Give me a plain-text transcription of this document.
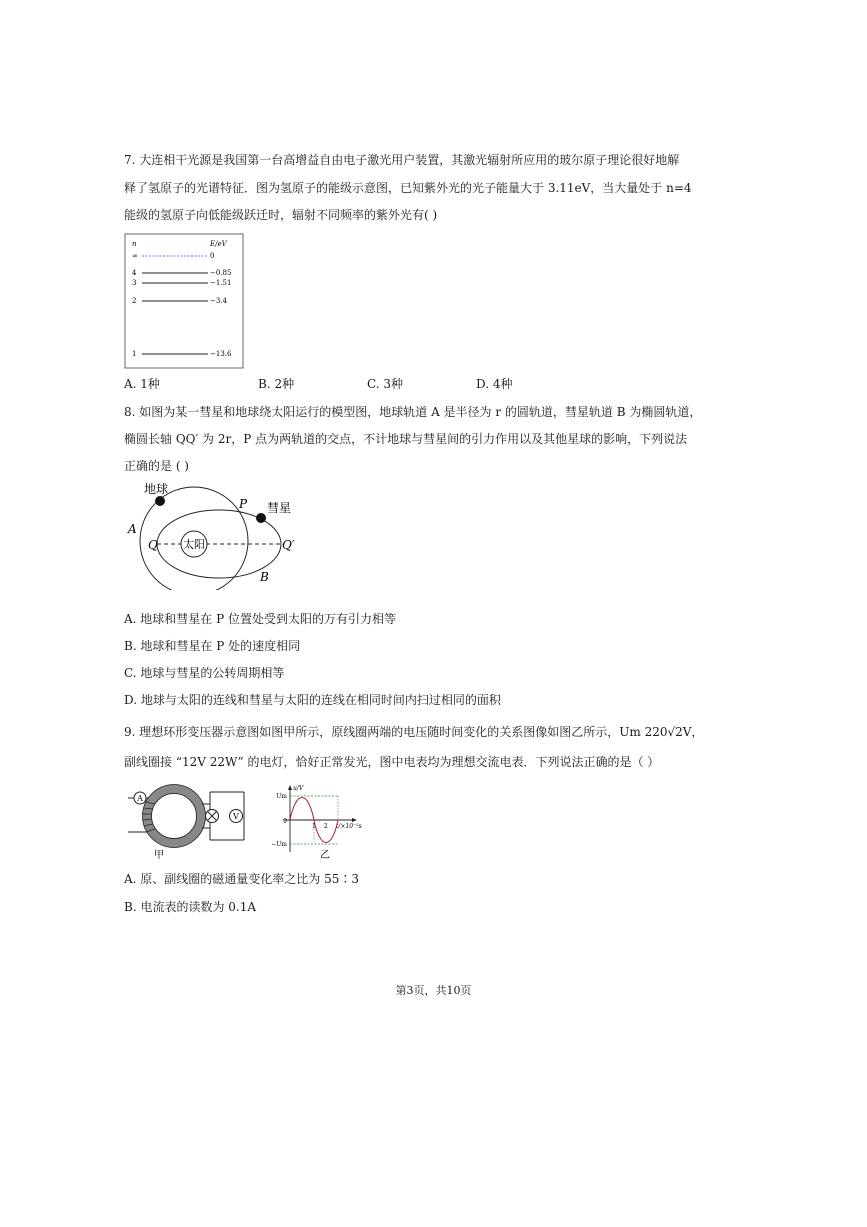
7. 大连相干光源是我国第一台高增益自由电子激光用户装置，其激光辐射所应用的玻尔原子理论很好地解
释了氢原子的光谱特征．图为氢原子的能级示意图，已知紫外光的光子能量大于 3.11eV，当大量处于 n=4
能级的氢原子向低能级跃迁时，辐射不同频率的紫外光有( )
n	E/eV
∞	0
4	−0.85
3	−1.51
2	−3.4
1	−13.6
A. 1种	B. 2种	C. 3种	D. 4种
8. 如图为某一彗星和地球绕太阳运行的模型图，地球轨道 A 是半径为 r 的圆轨道，彗星轨道 B 为椭圆轨道，
椭圆长轴 QQ′ 为 2r，P 点为两轨道的交点，不计地球与彗星间的引力作用以及其他星球的影响，下列说法
正确的是 ( )
太阳
地球
彗星
P
A
Q	Q′
B
A. 地球和彗星在 P 位置处受到太阳的万有引力相等
B. 地球和彗星在 P 处的速度相同
C. 地球与彗星的公转周期相等
D. 地球与太阳的连线和彗星与太阳的连线在相同时间内扫过相同的面积
9. 理想环形变压器示意图如图甲所示，原线圈两端的电压随时间变化的关系图像如图乙所示，Um 220√2V，
副线圈接 “12V 22W” 的电灯，恰好正常发光，图中电表均为理想交流电表．下列说法正确的是（ ）
A
V
甲
u/V
t/×10⁻²s
Um
−Um
0
1 2
乙
A. 原、副线圈的磁通量变化率之比为 55∶3
B. 电流表的读数为 0.1A
第3页，共10页
